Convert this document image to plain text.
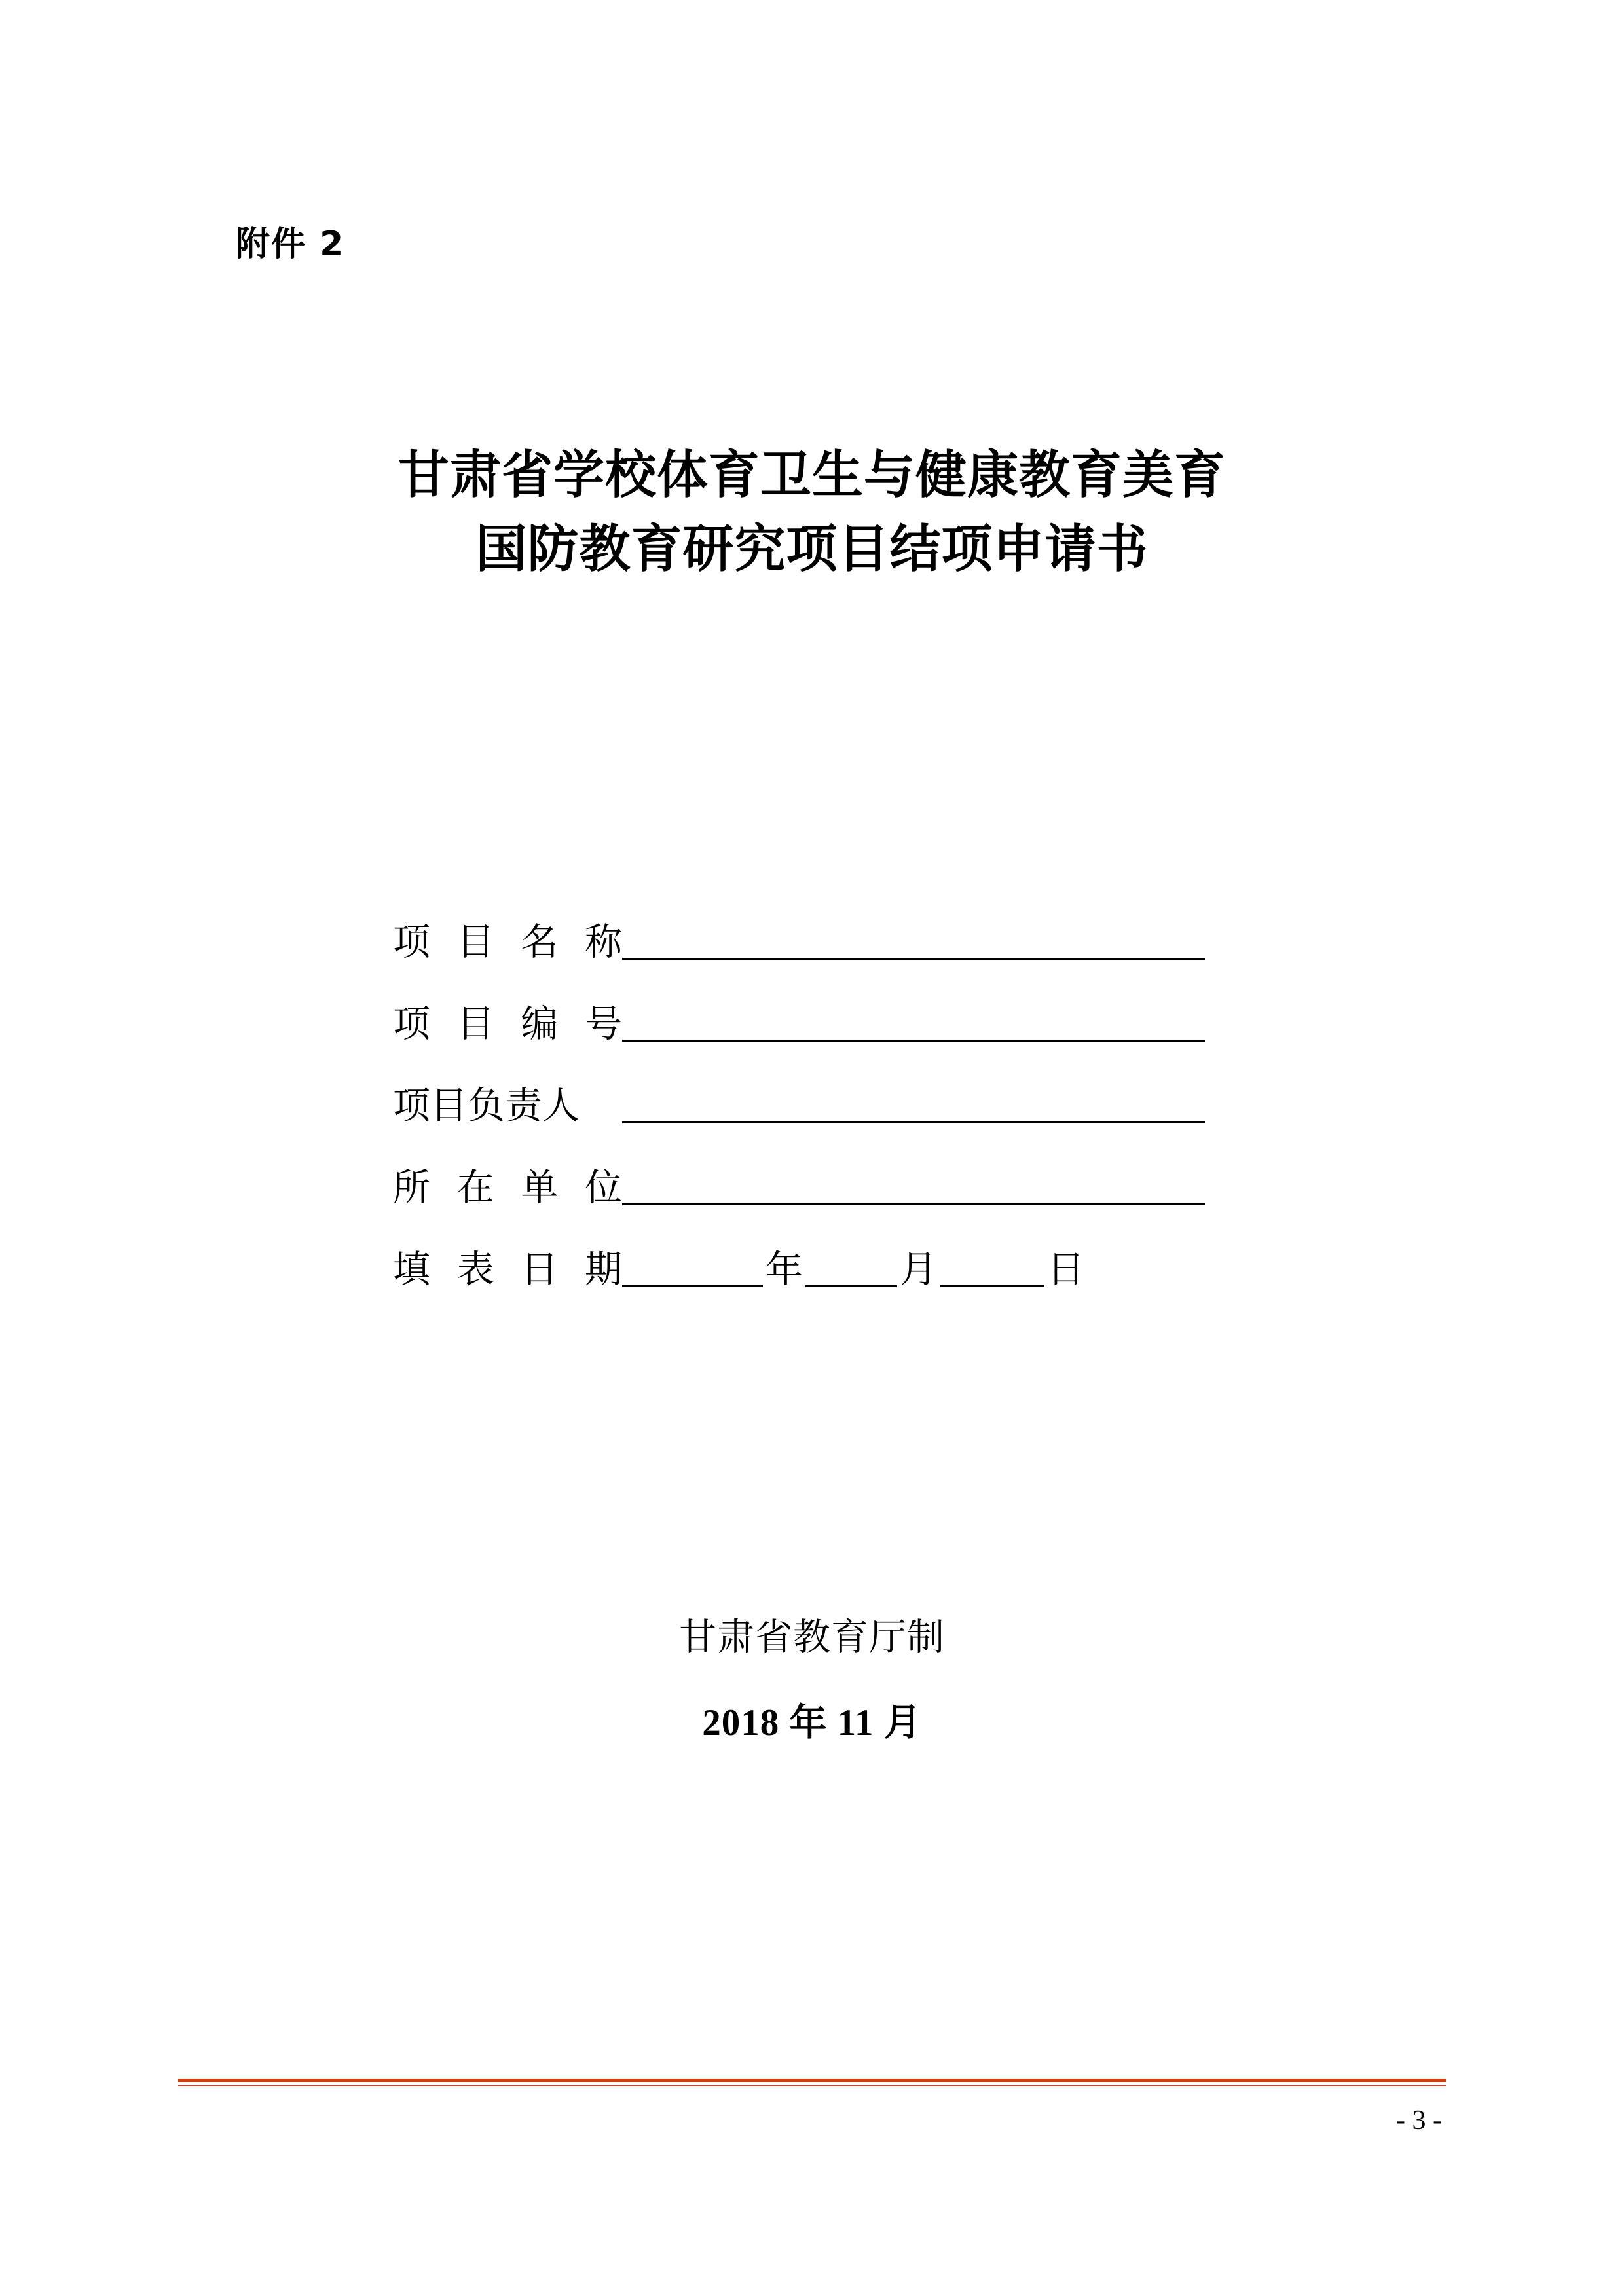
附件 2
甘肃省学校体育卫生与健康教育美育
国防教育研究项目结项申请书
项目名称
项目编号
项目负责人
所在单位
填表日期	年	月	日
甘肃省教育厅制
2018 年 11 月
- 3 -
